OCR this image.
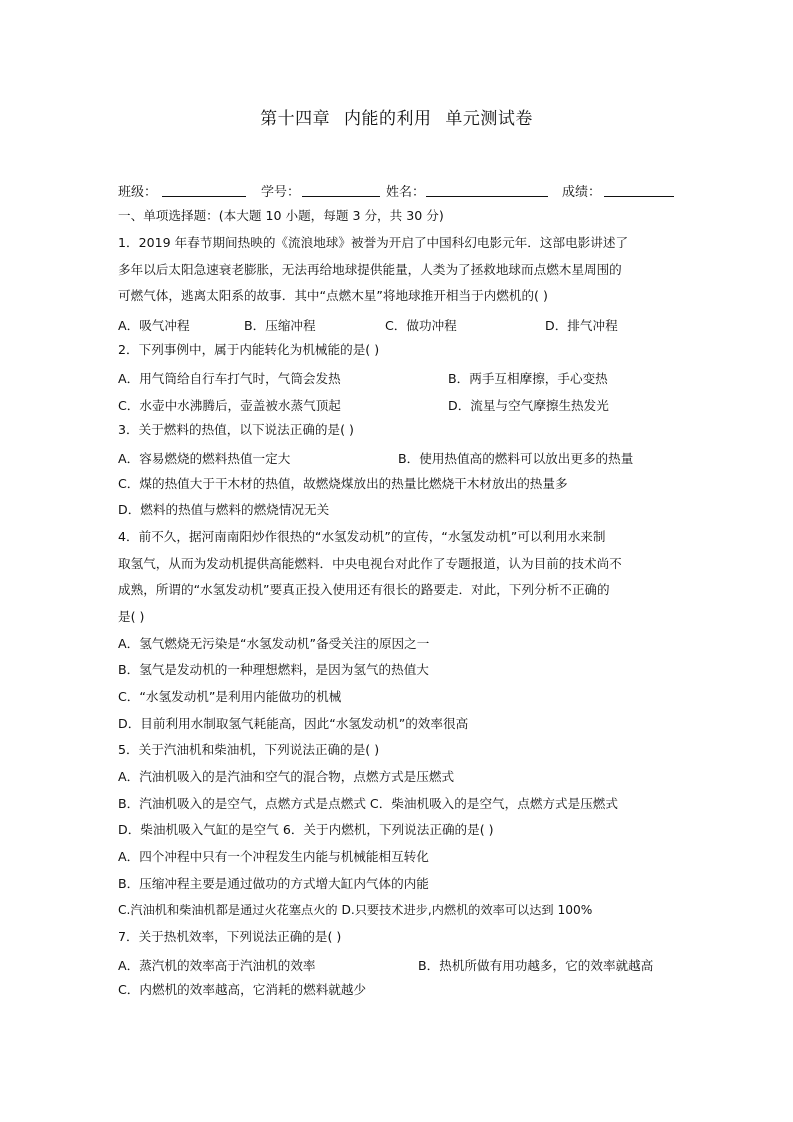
第十四章 内能的利用 单元测试卷
班级：	学号：	姓名：	成绩：
一、单项选择题：(本大题 10 小题，每题 3 分，共 30 分)
1．2019 年春节期间热映的《流浪地球》被誉为开启了中国科幻电影元年．这部电影讲述了
多年以后太阳急速衰老膨胀，无法再给地球提供能量，人类为了拯救地球而点燃木星周围的
可燃气体，逃离太阳系的故事．其中“点燃木星”将地球推开相当于内燃机的( )
A．吸气冲程	B．压缩冲程	C．做功冲程	D．排气冲程
2．下列事例中，属于内能转化为机械能的是( )
A．用气筒给自行车打气时，气筒会发热	B．两手互相摩擦，手心变热
C．水壶中水沸腾后，壶盖被水蒸气顶起	D．流星与空气摩擦生热发光
3．关于燃料的热值，以下说法正确的是( )
A．容易燃烧的燃料热值一定大	B．使用热值高的燃料可以放出更多的热量
C．煤的热值大于干木材的热值，故燃烧煤放出的热量比燃烧干木材放出的热量多
D．燃料的热值与燃料的燃烧情况无关
4．前不久，据河南南阳炒作很热的“水氢发动机”的宣传，“水氢发动机”可以利用水来制
取氢气，从而为发动机提供高能燃料．中央电视台对此作了专题报道，认为目前的技术尚不
成熟，所谓的“水氢发动机”要真正投入使用还有很长的路要走．对此，下列分析不正确的
是( )
A．氢气燃烧无污染是“水氢发动机”备受关注的原因之一
B．氢气是发动机的一种理想燃料，是因为氢气的热值大
C．“水氢发动机”是利用内能做功的机械
D．目前利用水制取氢气耗能高，因此“水氢发动机”的效率很高
5．关于汽油机和柴油机，下列说法正确的是( )
A．汽油机吸入的是汽油和空气的混合物，点燃方式是压燃式
B．汽油机吸入的是空气，点燃方式是点燃式 C．柴油机吸入的是空气，点燃方式是压燃式
D．柴油机吸入气缸的是空气 6．关于内燃机，下列说法正确的是( )
A．四个冲程中只有一个冲程发生内能与机械能相互转化
B．压缩冲程主要是通过做功的方式增大缸内气体的内能
C.汽油机和柴油机都是通过火花塞点火的 D.只要技术进步,内燃机的效率可以达到 100%
7．关于热机效率，下列说法正确的是( )
A．蒸汽机的效率高于汽油机的效率	B．热机所做有用功越多，它的效率就越高
C．内燃机的效率越高，它消耗的燃料就越少
